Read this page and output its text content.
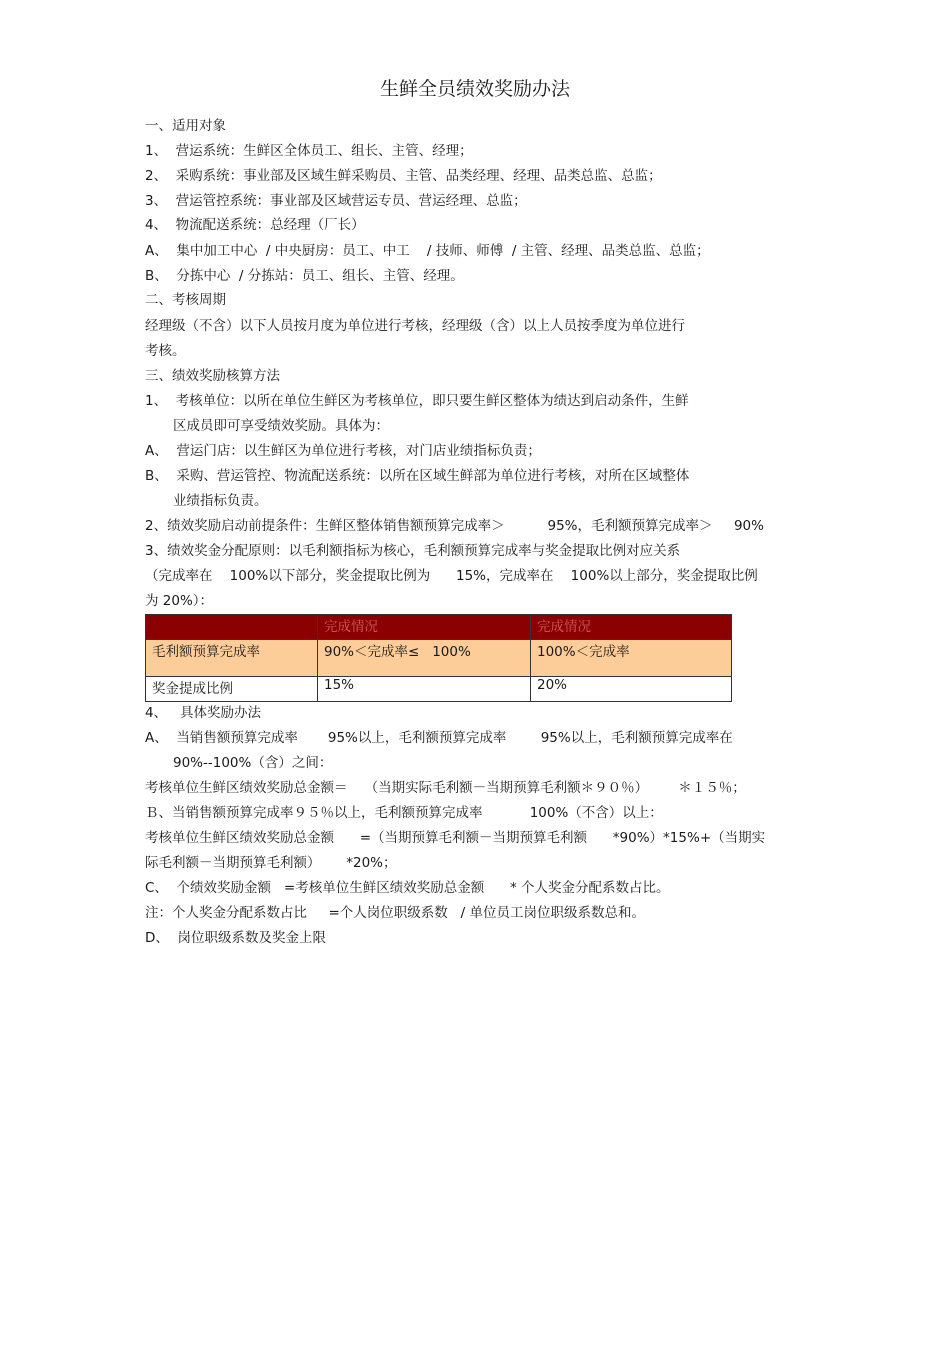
生鲜全员绩效奖励办法
一、适用对象
1、  营运系统：生鲜区全体员工、组长、主管、经理；
2、  采购系统：事业部及区域生鲜采购员、主管、品类经理、经理、品类总监、总监；
3、  营运管控系统：事业部及区域营运专员、营运经理、总监；
4、  物流配送系统：总经理（厂长）
A、  集中加工中心  / 中央厨房：员工、中工    / 技师、师傅  / 主管、经理、品类总监、总监；
B、  分拣中心  / 分拣站：员工、组长、主管、经理。
二、考核周期
经理级（不含）以下人员按月度为单位进行考核，经理级（含）以上人员按季度为单位进行
考核。
三、绩效奖励核算方法
1、  考核单位：以所在单位生鲜区为考核单位，即只要生鲜区整体为绩达到启动条件，生鲜
区成员即可享受绩效奖励。具体为：
A、  营运门店：以生鲜区为单位进行考核，对门店业绩指标负责；
B、  采购、营运管控、物流配送系统：以所在区域生鲜部为单位进行考核，对所在区域整体
业绩指标负责。
2、绩效奖励启动前提条件：生鲜区整体销售额预算完成率＞          95%，毛利额预算完成率＞     90%
3、绩效奖金分配原则：以毛利额指标为核心，毛利额预算完成率与奖金提取比例对应关系
（完成率在    100%以下部分，奖金提取比例为      15%，完成率在    100%以上部分，奖金提取比例
为 20%）：
	完成情况	完成情况
毛利额预算完成率	90%＜完成率≤   100%	100%＜完成率
奖金提成比例	15%	20%
4、   具体奖励办法
A、  当销售额预算完成率       95%以上，毛利额预算完成率        95%以上，毛利额预算完成率在
90%--100%（含）之间：
考核单位生鲜区绩效奖励总金额＝    （当期实际毛利额－当期预算毛利额＊９０％）       ＊１５％；
Ｂ、当销售额预算完成率９５％以上，毛利额预算完成率           100%（不含）以上：
考核单位生鲜区绩效奖励总金额      =（当期预算毛利额－当期预算毛利额      *90%）*15%+（当期实
际毛利额－当期预算毛利额）      *20%；
C、  个绩效奖励金额   =考核单位生鲜区绩效奖励总金额      * 个人奖金分配系数占比。
注：个人奖金分配系数占比     =个人岗位职级系数   / 单位员工岗位职级系数总和。
D、  岗位职级系数及奖金上限
